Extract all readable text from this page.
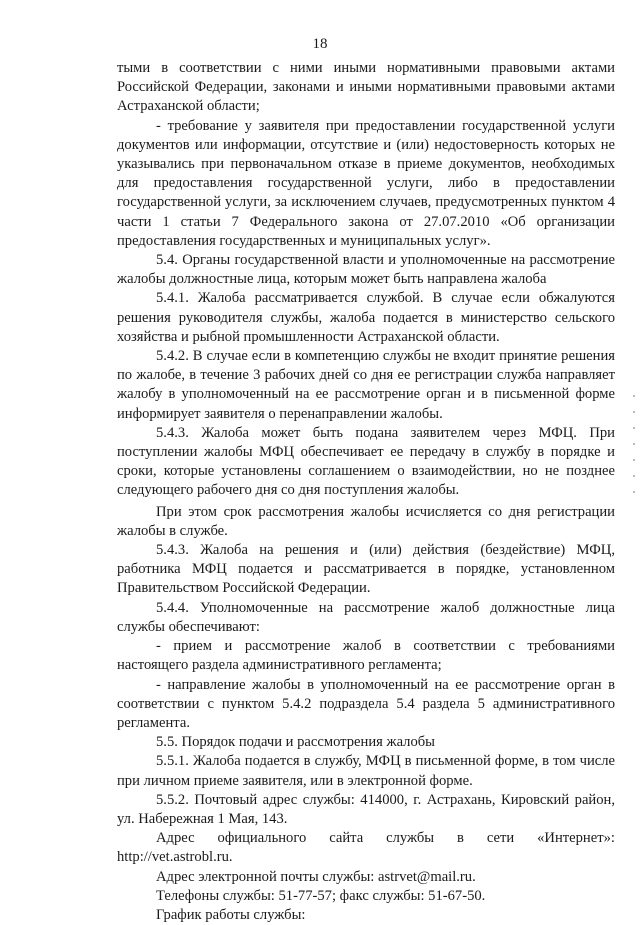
18

тыми в соответствии с ними иными нормативными правовыми актами Российской Федерации, законами и иными нормативными правовыми актами Астраханской области;

- требование у заявителя при предоставлении государственной услуги документов или информации, отсутствие и (или) недостоверность которых не указывались при первоначальном отказе в приеме документов, необходимых для предоставления государственной услуги, либо в предоставлении государственной услуги, за исключением случаев, предусмотренных пунктом 4 части 1 статьи 7 Федерального закона от 27.07.2010 «Об организации предоставления государственных и муниципальных услуг».

5.4. Органы государственной власти и уполномоченные на рассмотрение жалобы должностные лица, которым может быть направлена жалоба

5.4.1. Жалоба рассматривается службой. В случае если обжалуются решения руководителя службы, жалоба подается в министерство сельского хозяйства и рыбной промышленности Астраханской области.

5.4.2. В случае если в компетенцию службы не входит принятие решения по жалобе, в течение 3 рабочих дней со дня ее регистрации служба направляет жалобу в уполномоченный на ее рассмотрение орган и в письменной форме информирует заявителя о перенаправлении жалобы.

5.4.3. Жалоба может быть подана заявителем через МФЦ. При поступлении жалобы МФЦ обеспечивает ее передачу в службу в порядке и сроки, которые установлены соглашением о взаимодействии, но не позднее следующего рабочего дня со дня поступления жалобы.

При этом срок рассмотрения жалобы исчисляется со дня регистрации жалобы в службе.

5.4.3. Жалоба на решения и (или) действия (бездействие) МФЦ, работника МФЦ подается и рассматривается в порядке, установленном Правительством Российской Федерации.

5.4.4. Уполномоченные на рассмотрение жалоб должностные лица службы обеспечивают:

- прием и рассмотрение жалоб в соответствии с требованиями настоящего раздела административного регламента;

- направление жалобы в уполномоченный на ее рассмотрение орган в соответствии с пунктом 5.4.2 подраздела 5.4 раздела 5 административного регламента.

5.5. Порядок подачи и рассмотрения жалобы

5.5.1. Жалоба подается в службу, МФЦ в письменной форме, в том числе при личном приеме заявителя, или в электронной форме.

5.5.2. Почтовый адрес службы: 414000, г. Астрахань, Кировский район, ул. Набережная 1 Мая, 143.

Адрес официального сайта службы в сети «Интернет»:

http://vet.astrobl.ru.

Адрес электронной почты службы: astrvet@mail.ru.

Телефоны службы: 51-77-57; факс службы: 51-67-50.

График работы службы:
